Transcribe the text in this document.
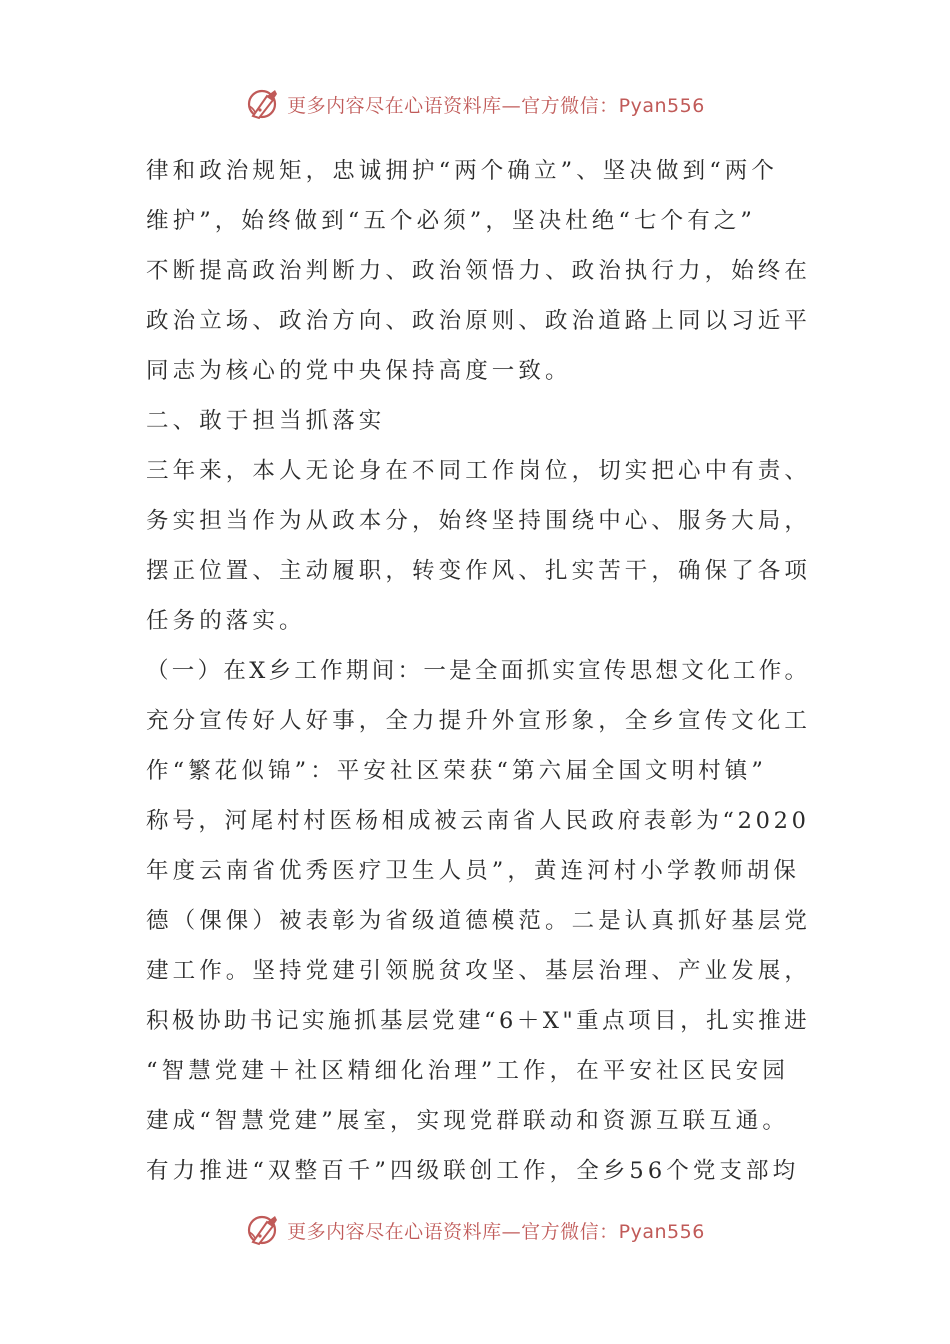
更多内容尽在心语资料库—官方微信：Pyan556
律和政治规矩，忠诚拥护“两个确立”、坚决做到“两个
维护”，始终做到“五个必须”，坚决杜绝“七个有之”
不断提高政治判断力、政治领悟力、政治执行力，始终在
政治立场、政治方向、政治原则、政治道路上同以习近平
同志为核心的党中央保持高度一致。
二、敢于担当抓落实
三年来，本人无论身在不同工作岗位，切实把心中有责、
务实担当作为从政本分，始终坚持围绕中心、服务大局，
摆正位置、主动履职，转变作风、扎实苦干，确保了各项
任务的落实。
（一）在X乡工作期间：一是全面抓实宣传思想文化工作。
充分宣传好人好事，全力提升外宣形象，全乡宣传文化工
作“繁花似锦”：平安社区荣获“第六届全国文明村镇”
称号，河尾村村医杨相成被云南省人民政府表彰为“2020
年度云南省优秀医疗卫生人员”，黄连河村小学教师胡保
德（倮倮）被表彰为省级道德模范。二是认真抓好基层党
建工作。坚持党建引领脱贫攻坚、基层治理、产业发展，
积极协助书记实施抓基层党建“6＋X"重点项目，扎实推进
“智慧党建＋社区精细化治理”工作，在平安社区民安园
建成“智慧党建”展室，实现党群联动和资源互联互通。
有力推进“双整百千”四级联创工作，全乡56个党支部均
更多内容尽在心语资料库—官方微信：Pyan556
